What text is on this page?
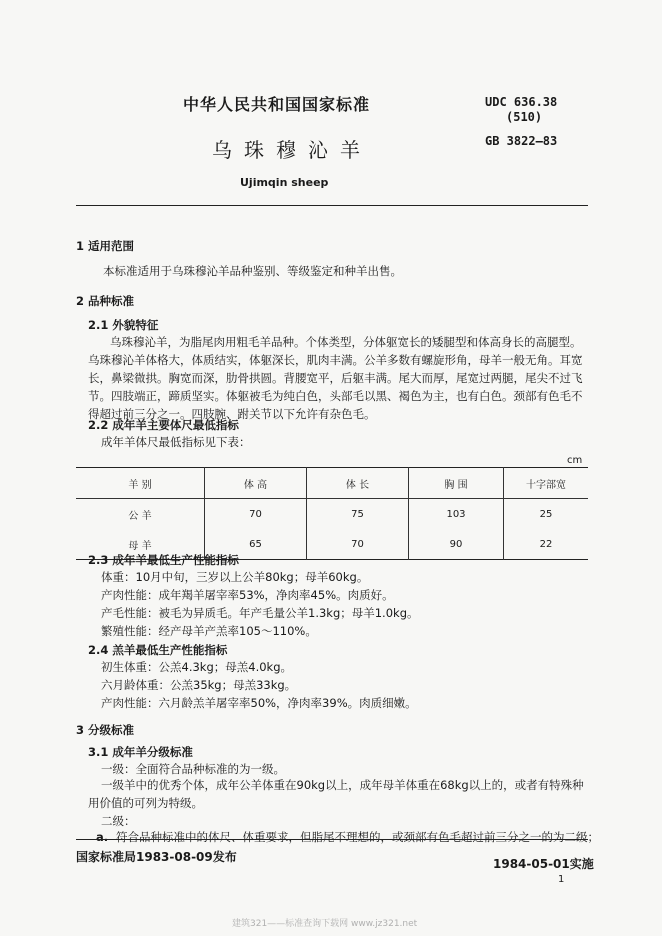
中华人民共和国国家标准	UDC 636.38
(510)
GB 3822—83
乌珠穆沁羊
Ujimqin sheep
1 适用范围
本标准适用于乌珠穆沁羊品种鉴别、等级鉴定和种羊出售。
2 品种标准
2.1 外貌特征
乌珠穆沁羊，为脂尾肉用粗毛羊品种。个体类型，分体躯宽长的矮腿型和体高身长的高腿型。乌珠穆沁羊体格大，体质结实，体躯深长，肌肉丰满。公羊多数有螺旋形角，母羊一般无角。耳宽长，鼻梁微拱。胸宽而深，肋骨拱圆。背腰宽平，后躯丰满。尾大而厚，尾宽过两腿，尾尖不过飞节。四肢端正，蹄质坚实。体躯被毛为纯白色，头部毛以黑、褐色为主，也有白色。颈部有色毛不得超过前三分之一。四肢腕、跗关节以下允许有杂色毛。
2.2 成年羊主要体尺最低指标
成年羊体尺最低指标见下表：
cm
羊 别	体 高	体 长	胸 围	十字部宽
公 羊	70	75	103	25
母 羊	65	70	90	22
2.3 成年羊最低生产性能指标
体重：10月中旬，三岁以上公羊80kg；母羊60kg。
产肉性能：成年羯羊屠宰率53%，净肉率45%。肉质好。
产毛性能：被毛为异质毛。年产毛量公羊1.3kg；母羊1.0kg。
繁殖性能：经产母羊产羔率105～110%。
2.4 羔羊最低生产性能指标
初生体重：公羔4.3kg；母羔4.0kg。
六月龄体重：公羔35kg；母羔33kg。
产肉性能：六月龄羔羊屠宰率50%，净肉率39%。肉质细嫩。
3 分级标准
3.1 成年羊分级标准
一级：全面符合品种标准的为一级。
一级羊中的优秀个体，成年公羊体重在90kg以上，成年母羊体重在68kg以上的，或者有特殊种用价值的可列为特级。
二级：
a. 符合品种标准中的体尺、体重要求，但脂尾不理想的，或颈部有色毛超过前三分之一的为二级；
国家标准局1983-08-09发布	1984-05-01实施
1
建筑321——标准查询下载网 www.jz321.net
